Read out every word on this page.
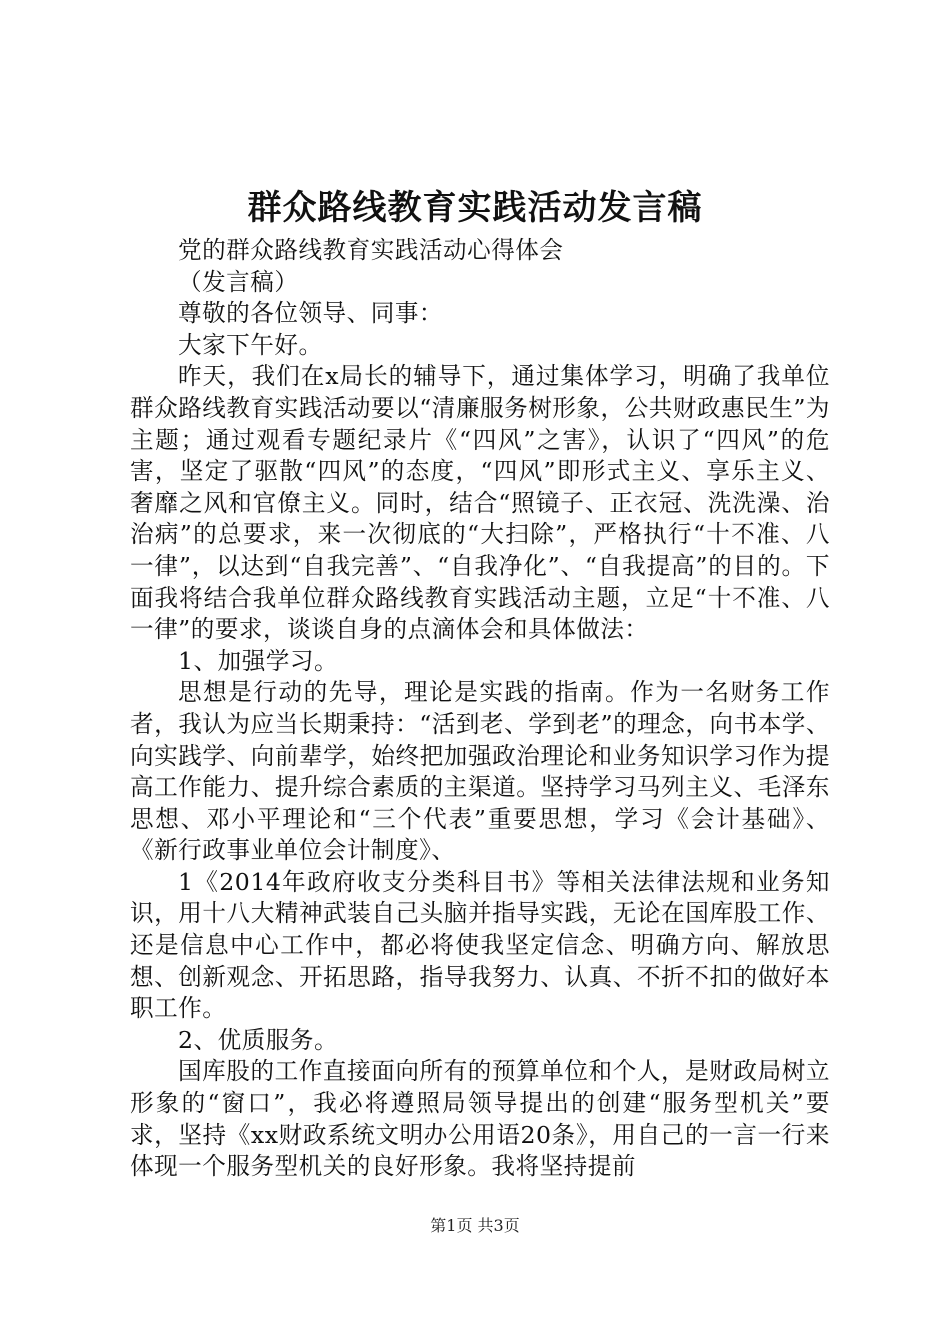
群众路线教育实践活动发言稿

党的群众路线教育实践活动心得体会

（发言稿）

尊敬的各位领导、同事：

大家下午好。

昨天，我们在x局长的辅导下，通过集体学习，明确了我单位群众路线教育实践活动要以“清廉服务树形象，公共财政惠民生”为主题；通过观看专题纪录片《“四风”之害》，认识了“四风”的危害，坚定了驱散“四风”的态度，“四风”即形式主义、享乐主义、奢靡之风和官僚主义。同时，结合“照镜子、正衣冠、洗洗澡、治治病”的总要求，来一次彻底的“大扫除”，严格执行“十不准、八一律”，以达到“自我完善”、“自我净化”、“自我提高”的目的。下面我将结合我单位群众路线教育实践活动主题，立足“十不准、八一律”的要求，谈谈自身的点滴体会和具体做法：

1、加强学习。

思想是行动的先导，理论是实践的指南。作为一名财务工作者，我认为应当长期秉持：“活到老、学到老”的理念，向书本学、向实践学、向前辈学，始终把加强政治理论和业务知识学习作为提高工作能力、提升综合素质的主渠道。坚持学习马列主义、毛泽东思想、邓小平理论和“三个代表”重要思想，学习《会计基础》、《新行政事业单位会计制度》、

1《2014年政府收支分类科目书》等相关法律法规和业务知识，用十八大精神武装自己头脑并指导实践，无论在国库股工作、还是信息中心工作中，都必将使我坚定信念、明确方向、解放思想、创新观念、开拓思路，指导我努力、认真、不折不扣的做好本职工作。

2、优质服务。

国库股的工作直接面向所有的预算单位和个人，是财政局树立形象的“窗口”，我必将遵照局领导提出的创建“服务型机关”要求，坚持《xx财政系统文明办公用语20条》，用自己的一言一行来体现一个服务型机关的良好形象。我将坚持提前

第1页 共3页
